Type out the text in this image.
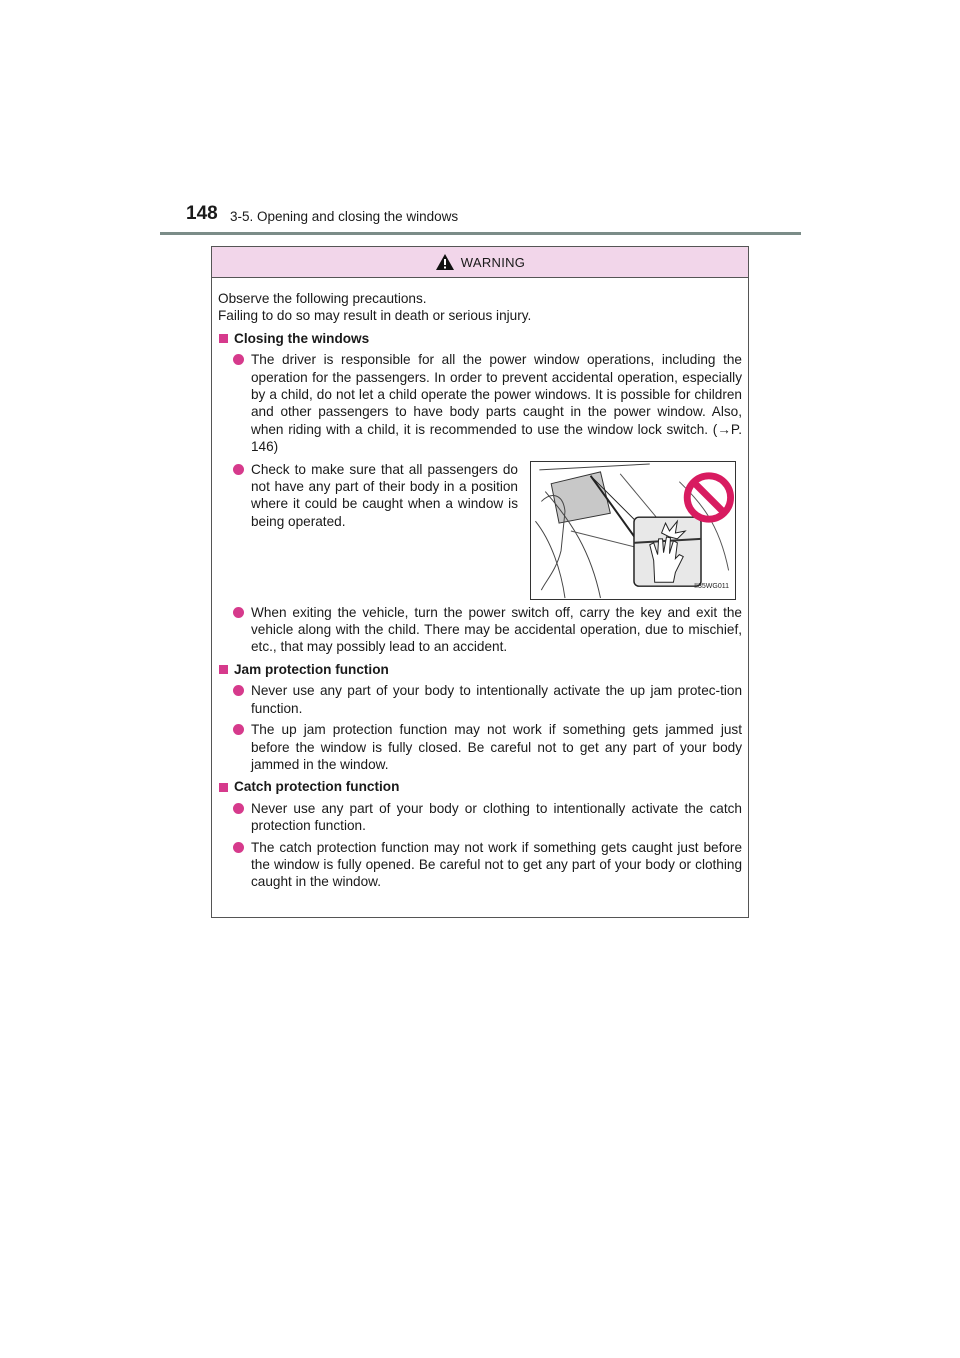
148 3-5. Opening and closing the windows
WARNING

Observe the following precautions.

Failing to do so may result in death or serious injury.

Closing the windows
The driver is responsible for all the power window operations, including the operation for the passengers. In order to prevent accidental operation, especially by a child, do not let a child operate the power windows. It is possible for children and other passengers to have body parts caught in the power window. Also, when riding with a child, it is recommended to use the window lock switch. (→P. 146)
Check to make sure that all passengers do not have any part of their body in a position where it could be caught when a window is being operated.
II35WG011
When exiting the vehicle, turn the power switch off, carry the key and exit the vehicle along with the child. There may be accidental operation, due to mischief, etc., that may possibly lead to an accident.
Jam protection function
Never use any part of your body to intentionally activate the up jam protec-tion function.
The up jam protection function may not work if something gets jammed just before the window is fully closed. Be careful not to get any part of your body jammed in the window.
Catch protection function
Never use any part of your body or clothing to intentionally activate the catch protection function.
The catch protection function may not work if something gets caught just before the window is fully opened. Be careful not to get any part of your body or clothing caught in the window.
